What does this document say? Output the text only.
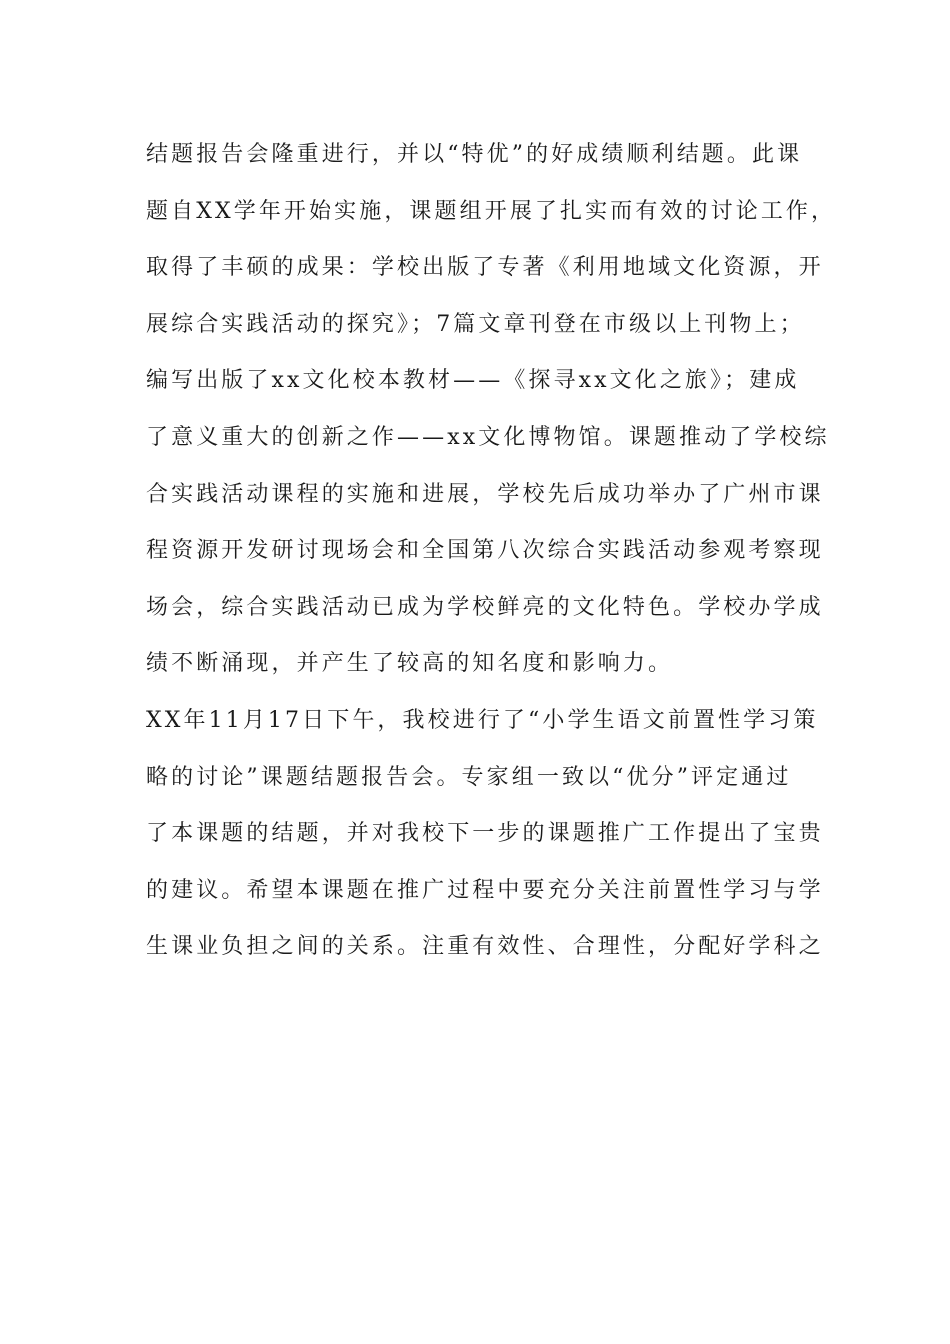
结题报告会隆重进行，并以“特优”的好成绩顺利结题。此课
题自XX学年开始实施，课题组开展了扎实而有效的讨论工作，
取得了丰硕的成果：学校出版了专著《利用地域文化资源，开
展综合实践活动的探究》；7篇文章刊登在市级以上刊物上；
编写出版了xx文化校本教材——《探寻xx文化之旅》；建成
了意义重大的创新之作——xx文化博物馆。课题推动了学校综
合实践活动课程的实施和进展，学校先后成功举办了广州市课
程资源开发研讨现场会和全国第八次综合实践活动参观考察现
场会，综合实践活动已成为学校鲜亮的文化特色。学校办学成
绩不断涌现，并产生了较高的知名度和影响力。
XX年11月17日下午，我校进行了“小学生语文前置性学习策
略的讨论”课题结题报告会。专家组一致以“优分”评定通过
了本课题的结题，并对我校下一步的课题推广工作提出了宝贵
的建议。希望本课题在推广过程中要充分关注前置性学习与学
生课业负担之间的关系。注重有效性、合理性，分配好学科之
